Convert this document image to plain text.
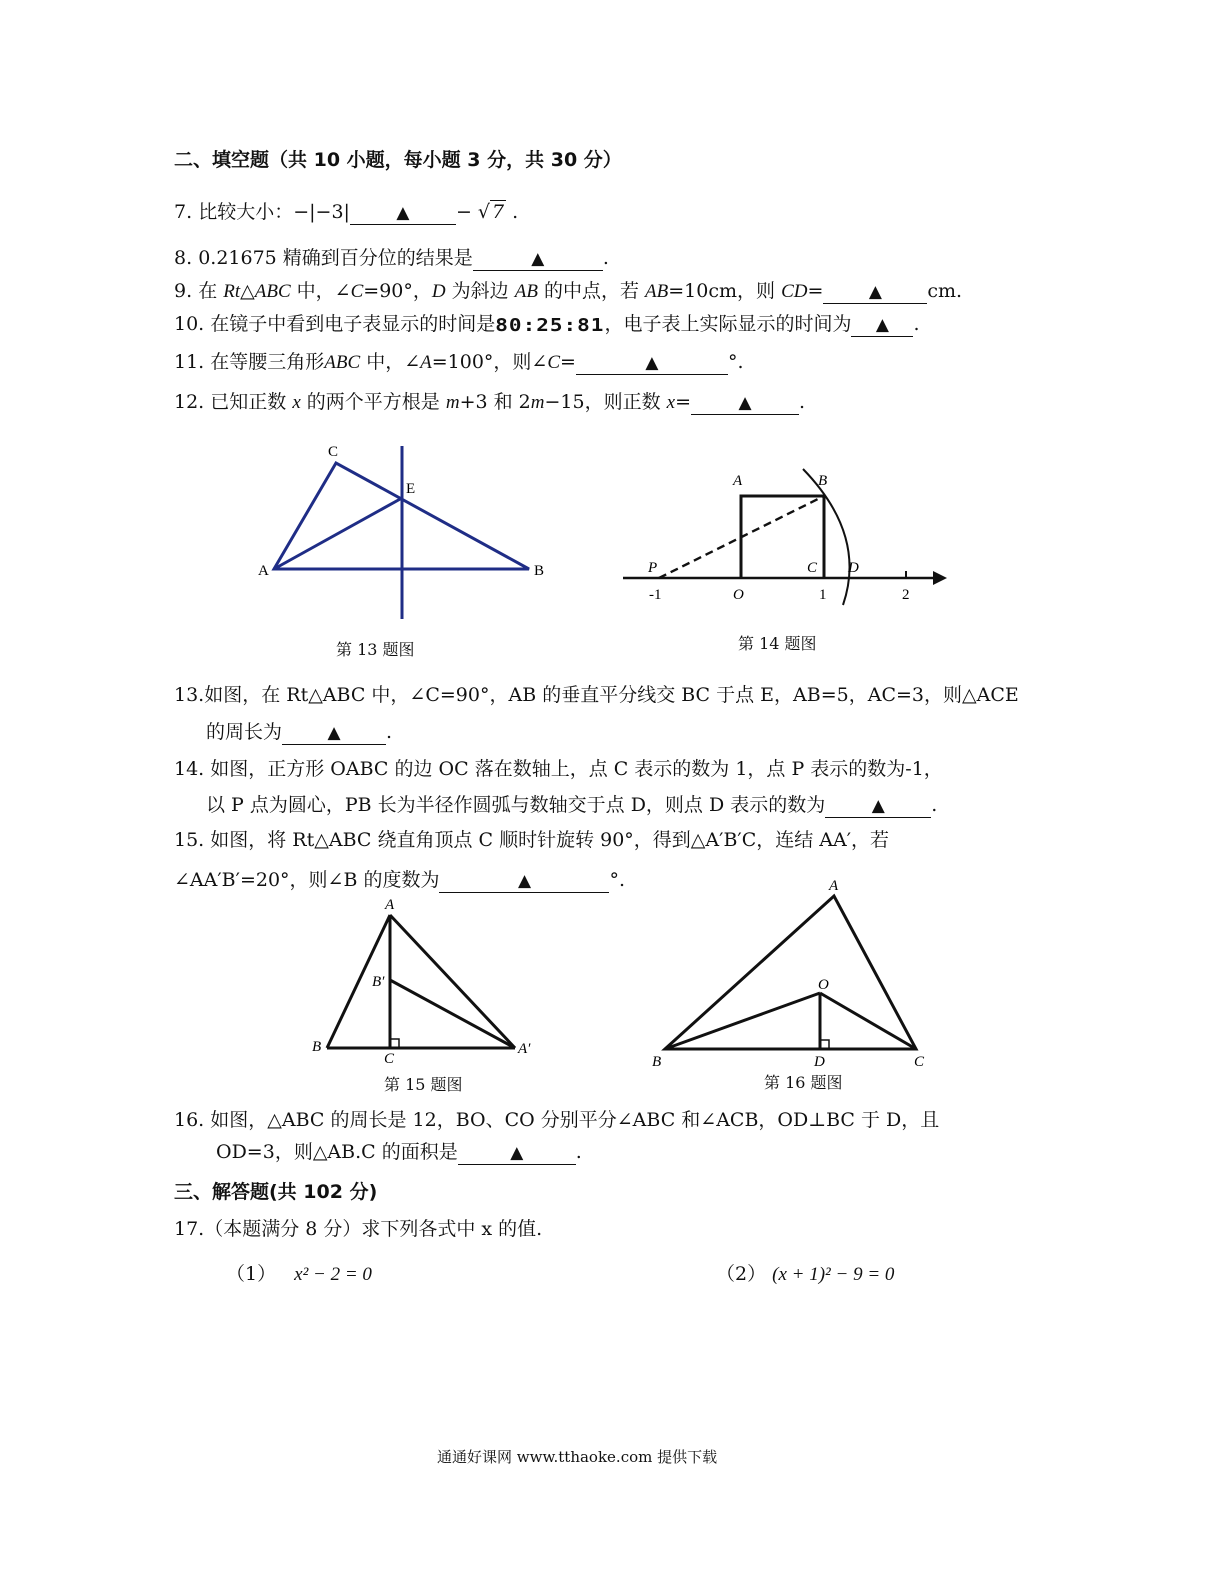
二、填空题（共 10 小题，每小题 3 分，共 30 分）
7. 比较大小：−|−3|	▲ − √ 7 .
8. 0.21675 精确到百分位的结果是	▲	.
9. 在 Rt△ABC 中，∠C=90°，D 为斜边 AB 的中点，若 AB=10cm，则 CD=	▲ cm.
10. 在镜子中看到电子表显示的时间是80:25:81，电子表上实际显示的时间为 ▲ .
11. 在等腰三角形ABC 中，∠A=100°，则∠C=	▲	°.
12. 已知正数 x 的两个平方根是 m+3 和 2m−15，则正数 x=	▲ .
A	B
C
E
第 13 题图
A	B
C D
P
-1	O	1	2
第 14 题图
13.如图，在 Rt△ABC 中，∠C=90°，AB 的垂直平分线交 BC 于点 E，AB=5，AC=3，则△ACE
的周长为	▲ .
14. 如图，正方形 OABC 的边 OC 落在数轴上，点 C 表示的数为 1，点 P 表示的数为-1，
以 P 点为圆心，PB 长为半径作圆弧与数轴交于点 D，则点 D 表示的数为	▲ .
15. 如图，将 Rt△ABC 绕直角顶点 C 顺时针旋转 90°，得到△A′B′C，连结 AA′，若
∠AA′B′=20°，则∠B 的度数为	▲	°.
A
B
B′
C
A′
第 15 题图
A
B	C
O
D
第 16 题图
16. 如图，△ABC 的周长是 12，BO、CO 分别平分∠ABC 和∠ACB，OD⊥BC 于 D，且
OD=3，则△AB.C 的面积是	▲	.
三、解答题(共 102 分)
17.（本题满分 8 分）求下列各式中 x 的值.
（1） x² − 2 = 0	（2） (x + 1)² − 9 = 0
通通好课网 www.tthaoke.com 提供下载
